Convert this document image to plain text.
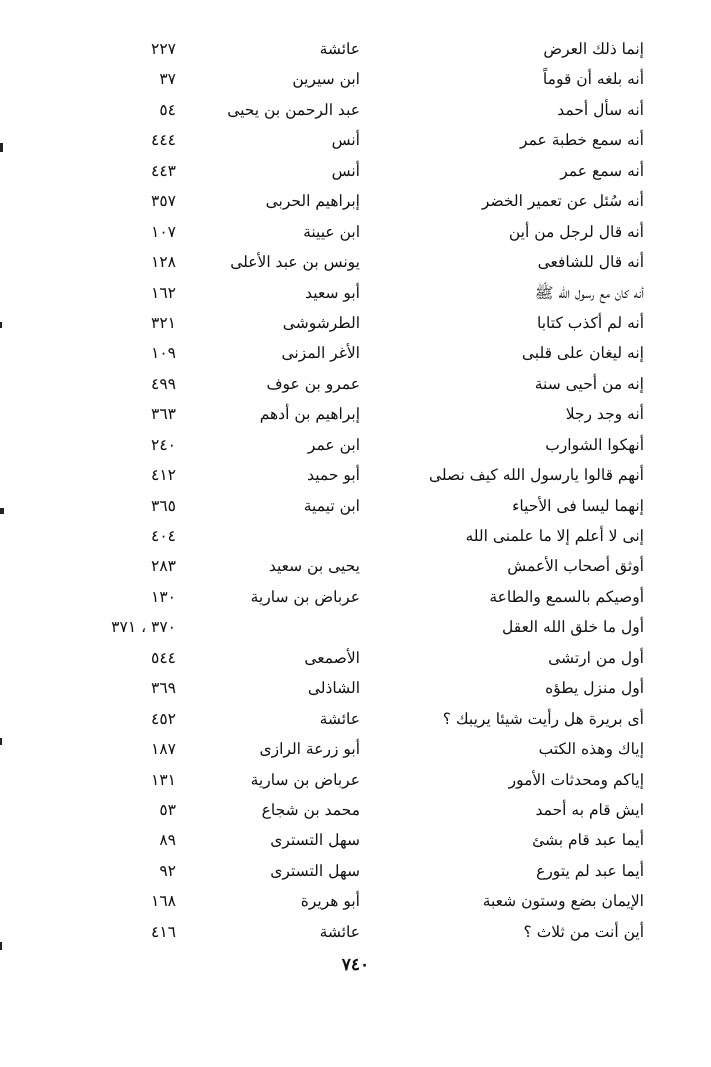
إنما ذلك العرض
عائشة
٢٢٧
أنه بلغه أن قوماً
ابن سيرين
٣٧
أنه سأل أحمد
عبد الرحمن بن يحيى
٥٤
أنه سمع خطبة عمر
أنس
٤٤٤
أنه سمع عمر
أنس
٤٤٣
أنه سُئل عن تعمير الخضر
إبراهيم الحربى
٣٥٧
أنه قال لرجل من أين
ابن عيينة
١٠٧
أنه قال للشافعى
يونس بن عبد الأعلى
١٢٨
أنه كان مع رسول الله ﷺ
أبو سعيد
١٦٢
أنه لم أكذب كتابا
الطرشوشى
٣٢١
إنه ليغان على قلبى
الأغر المزنى
١٠٩
إنه من أحيى سنة
عمرو بن عوف
٤٩٩
أنه وجد رجلا
إبراهيم بن أدهم
٣٦٣
أنهكوا الشوارب
ابن عمر
٢٤٠
أنهم قالوا يارسول الله كيف نصلى
أبو حميد
٤١٢
إنهما ليسا فى الأحياء
ابن تيمية
٣٦٥
إنى لا أعلم إلا ما علمنى الله
٤٠٤
أوثق أصحاب الأعمش
يحيى بن سعيد
٢٨٣
أوصيكم بالسمع والطاعة
عرباض بن سارية
١٣٠
أول ما خلق الله العقل
٣٧٠ ، ٣٧١
أول من ارتشى
الأصمعى
٥٤٤
أول منزل يطؤه
الشاذلى
٣٦٩
أى بريرة هل رأيت شيئا يريبك ؟
عائشة
٤٥٢
إياك وهذه الكتب
أبو زرعة الرازى
١٨٧
إياكم ومحدثات الأمور
عرباض بن سارية
١٣١
ايش قام به أحمد
محمد بن شجاع
٥٣
أيما عبد قام بشئ
سهل التسترى
٨٩
أيما عبد لم يتورع
سهل التسترى
٩٢
الإيمان بضع وستون شعبة
أبو هريرة
١٦٨
أين أنت من ثلاث ؟
عائشة
٤١٦
٧٤٠
